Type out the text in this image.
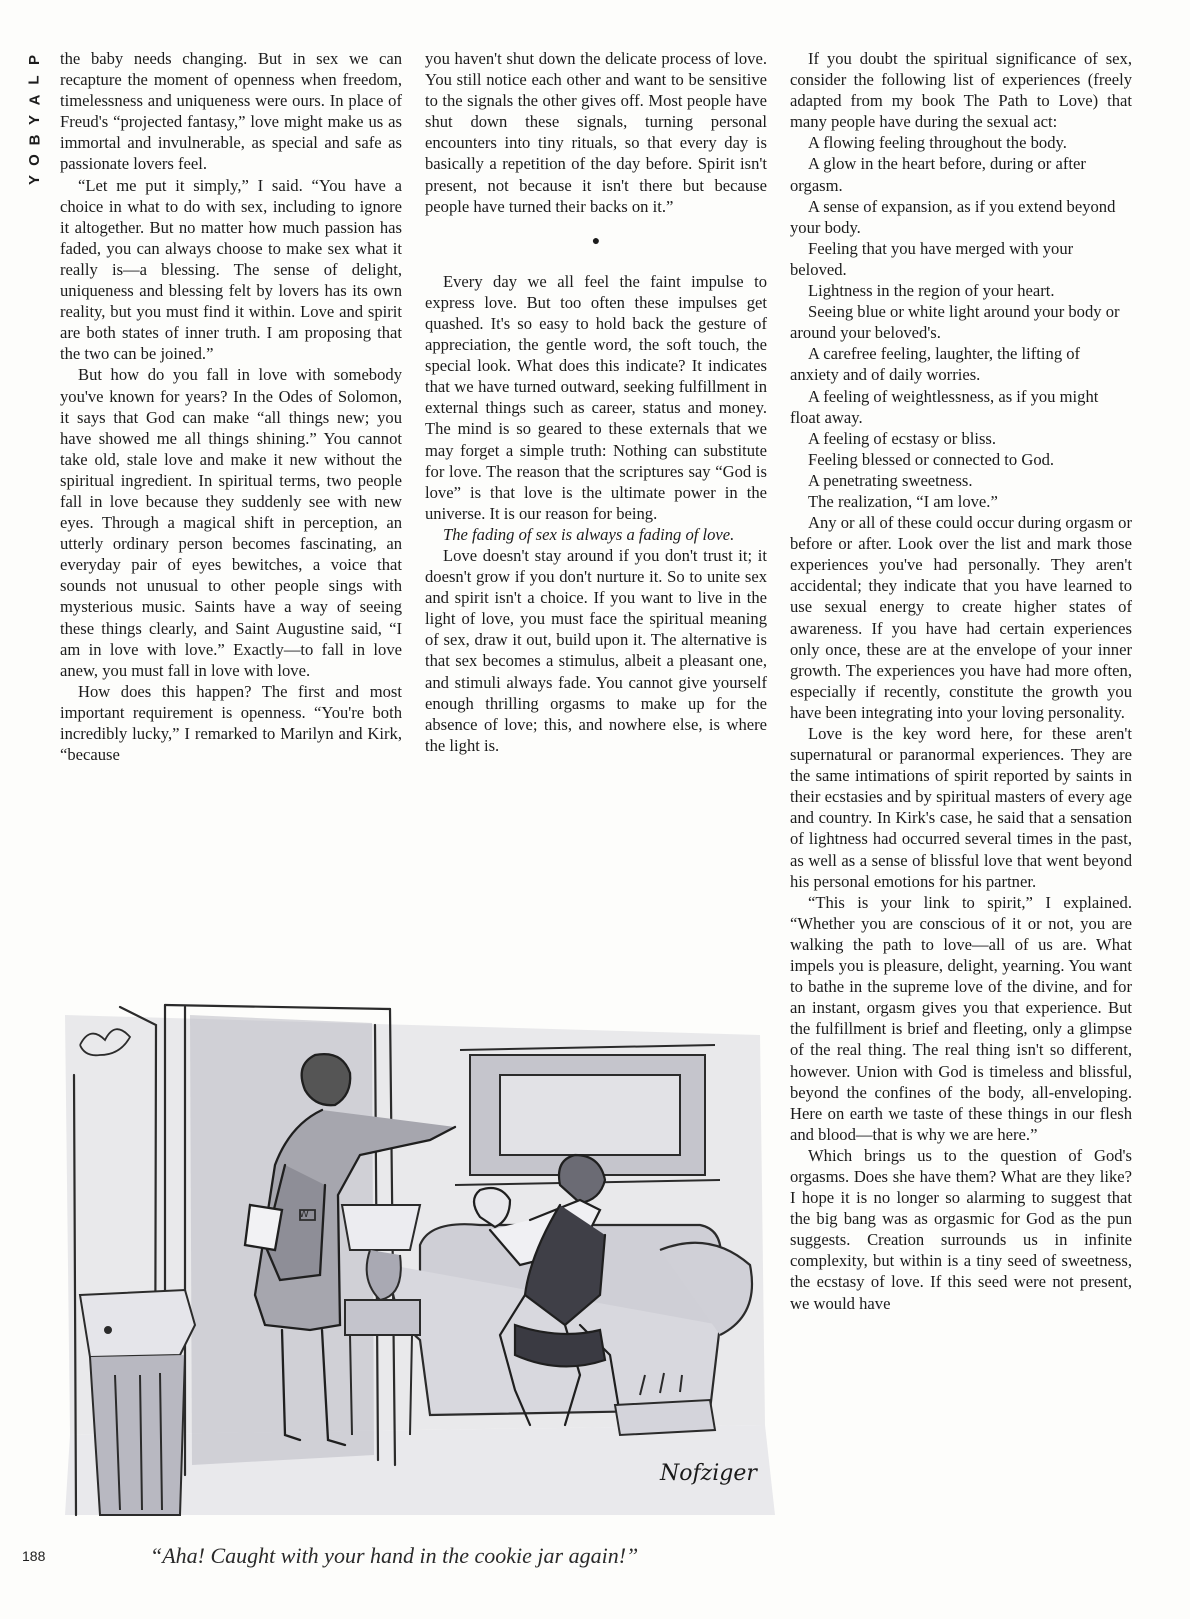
P
L
A
Y
B
O
Y

the baby needs changing. But in sex we can recapture the moment of openness when freedom, timelessness and uniqueness were ours. In place of Freud's “projected fantasy,” love might make us as immortal and invulnerable, as special and safe as passionate lovers feel.

“Let me put it simply,” I said. “You have a choice in what to do with sex, including to ignore it altogether. But no matter how much passion has faded, you can always choose to make sex what it really is—a blessing. The sense of delight, uniqueness and blessing felt by lovers has its own reality, but you must find it within. Love and spirit are both states of inner truth. I am proposing that the two can be joined.”

But how do you fall in love with somebody you've known for years? In the Odes of Solomon, it says that God can make “all things new; you have showed me all things shining.” You cannot take old, stale love and make it new without the spiritual ingredient. In spiritual terms, two people fall in love because they suddenly see with new eyes. Through a magical shift in perception, an utterly ordinary person becomes fascinating, an everyday pair of eyes bewitches, a voice that sounds not unusual to other people sings with mysterious music. Saints have a way of seeing these things clearly, and Saint Augustine said, “I am in love with love.” Exactly—to fall in love anew, you must fall in love with love.

How does this happen? The first and most important requirement is openness. “You're both incredibly lucky,” I remarked to Marilyn and Kirk, “because

you haven't shut down the delicate process of love. You still notice each other and want to be sensitive to the signals the other gives off. Most people have shut down these signals, turning personal encounters into tiny rituals, so that every day is basically a repetition of the day before. Spirit isn't present, not because it isn't there but because people have turned their backs on it.”

●

Every day we all feel the faint impulse to express love. But too often these impulses get quashed. It's so easy to hold back the gesture of appreciation, the gentle word, the soft touch, the special look. What does this indicate? It indicates that we have turned outward, seeking fulfillment in external things such as career, status and money. The mind is so geared to these externals that we may forget a simple truth: Nothing can substitute for love. The reason that the scriptures say “God is love” is that love is the ultimate power in the universe. It is our reason for being.

The fading of sex is always a fading of love.

Love doesn't stay around if you don't trust it; it doesn't grow if you don't nurture it. So to unite sex and spirit isn't a choice. If you want to live in the light of love, you must face the spiritual meaning of sex, draw it out, build upon it. The alternative is that sex becomes a stimulus, albeit a pleasant one, and stimuli always fade. You cannot give yourself enough thrilling orgasms to make up for the absence of love; this, and nowhere else, is where the light is.

If you doubt the spiritual significance of sex, consider the following list of experiences (freely adapted from my book The Path to Love) that many people have during the sexual act:

A flowing feeling throughout the body.

A glow in the heart before, during or after orgasm.

A sense of expansion, as if you extend beyond your body.

Feeling that you have merged with your beloved.

Lightness in the region of your heart.

Seeing blue or white light around your body or around your beloved's.

A carefree feeling, laughter, the lifting of anxiety and of daily worries.

A feeling of weightlessness, as if you might float away.

A feeling of ecstasy or bliss.

Feeling blessed or connected to God.

A penetrating sweetness.

The realization, “I am love.”

Any or all of these could occur during orgasm or before or after. Look over the list and mark those experiences you've had personally. They aren't accidental; they indicate that you have learned to use sexual energy to create higher states of awareness. If you have had certain experiences only once, these are at the envelope of your inner growth. The experiences you have had more often, especially if recently, constitute the growth you have been integrating into your loving personality.

Love is the key word here, for these aren't supernatural or paranormal experiences. They are the same intimations of spirit reported by saints in their ecstasies and by spiritual masters of every age and country. In Kirk's case, he said that a sensation of lightness had occurred several times in the past, as well as a sense of blissful love that went beyond his personal emotions for his partner.

“This is your link to spirit,” I explained. “Whether you are conscious of it or not, you are walking the path to love—all of us are. What impels you is pleasure, delight, yearning. You want to bathe in the supreme love of the divine, and for an instant, orgasm gives you that experience. But the fulfillment is brief and fleeting, only a glimpse of the real thing. The real thing isn't so different, however. Union with God is timeless and blissful, beyond the confines of the body, all-enveloping. Here on earth we taste of these things in our flesh and blood—that is why we are here.”

Which brings us to the question of God's orgasms. Does she have them? What are they like? I hope it is no longer so alarming to suggest that the big bang was as orgasmic for God as the pun suggests. Creation surrounds us in infinite complexity, but within is a tiny seed of sweetness, the ecstasy of love. If this seed were not present, we would have

W
Nofziger
“Aha! Caught with your hand in the cookie jar again!”
188
